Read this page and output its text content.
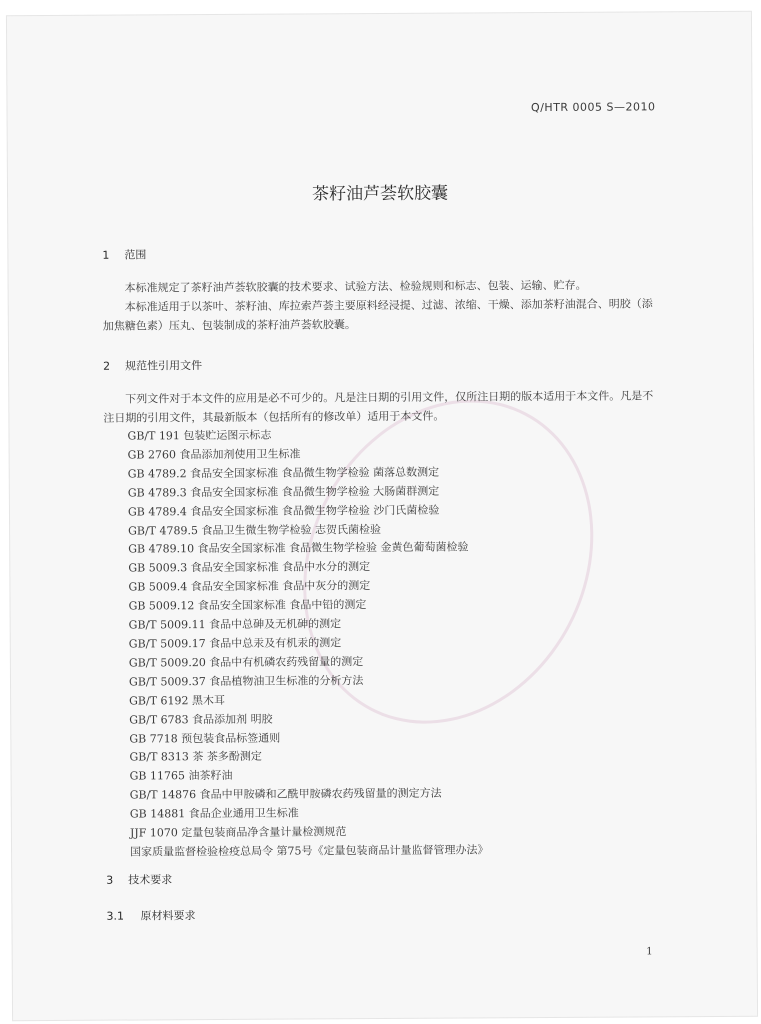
Q/HTR 0005 S—2010
茶籽油芦荟软胶囊
1 范围
本标准规定了茶籽油芦荟软胶囊的技术要求、试验方法、检验规则和标志、包装、运输、贮存。
本标准适用于以茶叶、茶籽油、库拉索芦荟主要原料经浸提、过滤、浓缩、干燥、添加茶籽油混合、明胶（添加焦糖色素）压丸、包装制成的茶籽油芦荟软胶囊。
2 规范性引用文件
下列文件对于本文件的应用是必不可少的。凡是注日期的引用文件，仅所注日期的版本适用于本文件。凡是不注日期的引用文件，其最新版本（包括所有的修改单）适用于本文件。
GB/T 191 包装贮运图示标志
GB 2760 食品添加剂使用卫生标准
GB 4789.2 食品安全国家标准 食品微生物学检验 菌落总数测定
GB 4789.3 食品安全国家标准 食品微生物学检验 大肠菌群测定
GB 4789.4 食品安全国家标准 食品微生物学检验 沙门氏菌检验
GB/T 4789.5 食品卫生微生物学检验 志贺氏菌检验
GB 4789.10 食品安全国家标准 食品微生物学检验 金黄色葡萄菌检验
GB 5009.3 食品安全国家标准 食品中水分的测定
GB 5009.4 食品安全国家标准 食品中灰分的测定
GB 5009.12 食品安全国家标准 食品中铅的测定
GB/T 5009.11 食品中总砷及无机砷的测定
GB/T 5009.17 食品中总汞及有机汞的测定
GB/T 5009.20 食品中有机磷农药残留量的测定
GB/T 5009.37 食品植物油卫生标准的分析方法
GB/T 6192 黑木耳
GB/T 6783 食品添加剂 明胶
GB 7718 预包装食品标签通则
GB/T 8313 茶 茶多酚测定
GB 11765 油茶籽油
GB/T 14876 食品中甲胺磷和乙酰甲胺磷农药残留量的测定方法
GB 14881 食品企业通用卫生标准
JJF 1070 定量包装商品净含量计量检测规范
国家质量监督检验检疫总局令 第75号《定量包装商品计量监督管理办法》
3 技术要求
3.1 原材料要求
1
